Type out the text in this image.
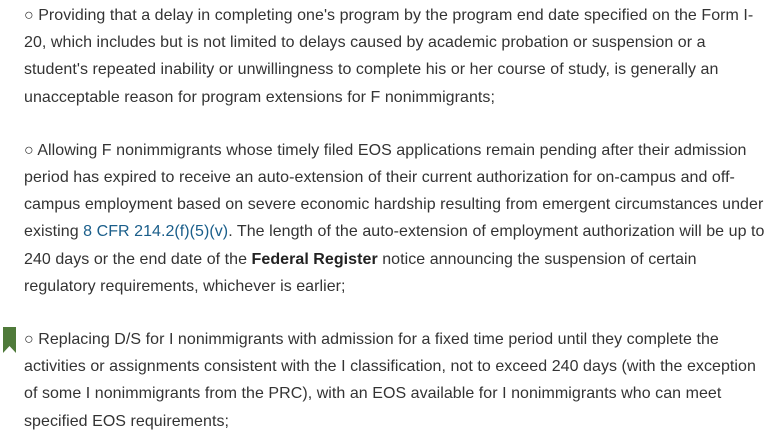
○ Providing that a delay in completing one's program by the program end date specified on the Form I-20, which includes but is not limited to delays caused by academic probation or suspension or a student's repeated inability or unwillingness to complete his or her course of study, is generally an unacceptable reason for program extensions for F nonimmigrants;

○ Allowing F nonimmigrants whose timely filed EOS applications remain pending after their admission period has expired to receive an auto-extension of their current authorization for on-campus and off-campus employment based on severe economic hardship resulting from emergent circumstances under existing 8 CFR 214.2(f)(5)(v). The length of the auto-extension of employment authorization will be up to 240 days or the end date of the Federal Register notice announcing the suspension of certain regulatory requirements, whichever is earlier;

○ Replacing D/S for I nonimmigrants with admission for a fixed time period until they complete the activities or assignments consistent with the I classification, not to exceed 240 days (with the exception of some I nonimmigrants from the PRC), with an EOS available for I nonimmigrants who can meet specified EOS requirements;
